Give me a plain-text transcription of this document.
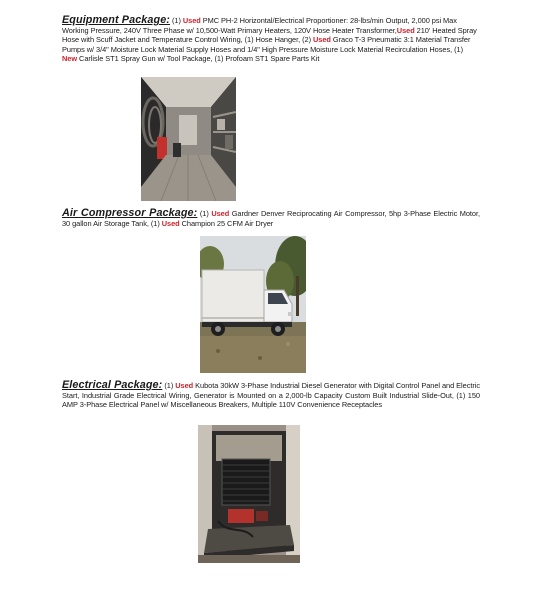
Equipment Package: (1) Used PMC PH-2 Horizontal/Electrical Proportioner: 28-lbs/min Output, 2,000 psi Max Working Pressure, 240V Three Phase w/ 10,500-Watt Primary Heaters, 120V Hose Heater Transformer,Used 210' Heated Spray Hose with Scuff Jacket and Temperature Control Wiring, (1) Hose Hanger, (2) Used Graco T-3 Pneumatic 3:1 Material Transfer Pumps w/ 3/4" Moisture Lock Material Supply Hoses and 1/4" High Pressure Moisture Lock Material Recirculation Hoses, (1) New Carlisle ST1 Spray Gun w/ Tool Package, (1) Profoam ST1 Spare Parts Kit
Air Compressor Package: (1) Used Gardner Denver Reciprocating Air Compressor, 5hp 3-Phase Electric Motor, 30 gallon Air Storage Tank, (1) Used Champion 25 CFM Air Dryer
Electrical Package: (1) Used Kubota 30kW 3-Phase Industrial Diesel Generator with Digital Control Panel and Electric Start, Industrial Grade Electrical Wiring, Generator is Mounted on a 2,000-lb Capacity Custom Built Industrial Slide-Out, (1) 150 AMP 3-Phase Electrical Panel w/ Miscellaneous Breakers, Multiple 110V Convenience Receptacles
